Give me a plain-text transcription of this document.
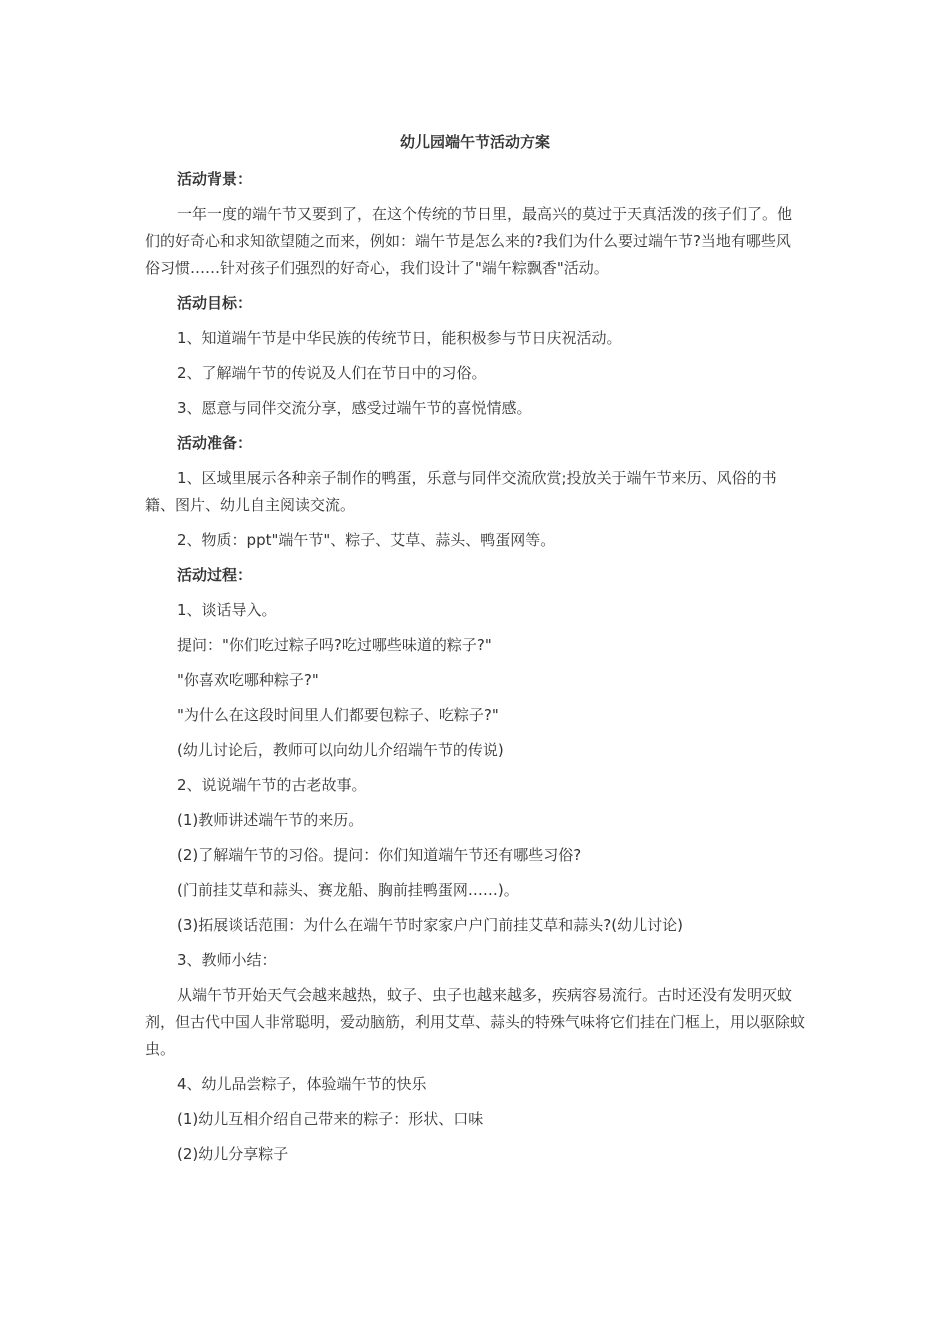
幼儿园端午节活动方案

活动背景：

一年一度的端午节又要到了，在这个传统的节日里，最高兴的莫过于天真活泼的孩子们了。他们的好奇心和求知欲望随之而来，例如：端午节是怎么来的?我们为什么要过端午节?当地有哪些风俗习惯……针对孩子们强烈的好奇心，我们设计了"端午粽飘香"活动。

活动目标：

1、知道端午节是中华民族的传统节日，能积极参与节日庆祝活动。

2、了解端午节的传说及人们在节日中的习俗。

3、愿意与同伴交流分享，感受过端午节的喜悦情感。

活动准备：

1、区域里展示各种亲子制作的鸭蛋，乐意与同伴交流欣赏;投放关于端午节来历、风俗的书籍、图片、幼儿自主阅读交流。

2、物质：ppt"端午节"、粽子、艾草、蒜头、鸭蛋网等。

活动过程：

1、谈话导入。

提问："你们吃过粽子吗?吃过哪些味道的粽子?"

"你喜欢吃哪种粽子?"

"为什么在这段时间里人们都要包粽子、吃粽子?"

(幼儿讨论后，教师可以向幼儿介绍端午节的传说)

2、说说端午节的古老故事。

(1)教师讲述端午节的来历。

(2)了解端午节的习俗。提问：你们知道端午节还有哪些习俗?

(门前挂艾草和蒜头、赛龙船、胸前挂鸭蛋网……)。

(3)拓展谈话范围：为什么在端午节时家家户户门前挂艾草和蒜头?(幼儿讨论)

3、教师小结：

从端午节开始天气会越来越热，蚊子、虫子也越来越多，疾病容易流行。古时还没有发明灭蚊剂，但古代中国人非常聪明，爱动脑筋，利用艾草、蒜头的特殊气味将它们挂在门框上，用以驱除蚊虫。

4、幼儿品尝粽子，体验端午节的快乐

(1)幼儿互相介绍自己带来的粽子：形状、口味

(2)幼儿分享粽子
